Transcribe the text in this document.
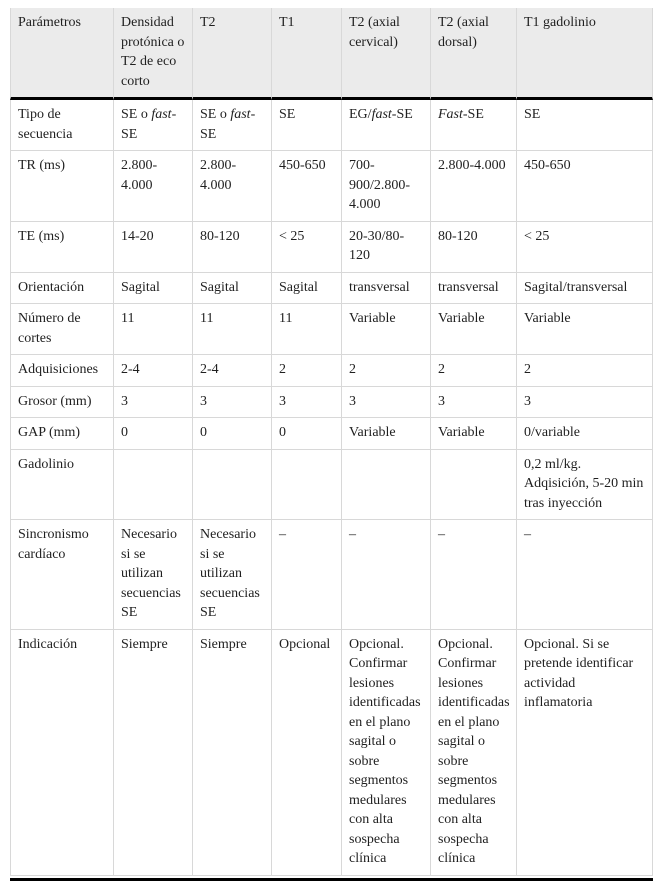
Parámetros	Densidad protónica o T2 de eco corto	T2	T1	T2 (axial cervical)	T2 (axial dorsal)	T1 gadolinio
Tipo de secuencia	SE o fast-SE	SE o fast-SE	SE	EG/fast-SE	Fast-SE	SE
TR (ms)	2.800-4.000	2.800-4.000	450-650	700-900/2.800-4.000	2.800-4.000	450-650
TE (ms)	14-20	80-120	< 25	20-30/80-120	80-120	< 25
Orientación	Sagital	Sagital	Sagital	transversal	transversal	Sagital/transversal
Número de cortes	11	11	11	Variable	Variable	Variable
Adquisiciones	2-4	2-4	2	2	2	2
Grosor (mm)	3	3	3	3	3	3
GAP (mm)	0	0	0	Variable	Variable	0/variable
Gadolinio						0,2 ml/kg. Adqisición, 5-20 min tras inyección
Sincronismo cardíaco	Necesario si se utilizan secuencias SE	Necesario si se utilizan secuencias SE	–	–	–	–
Indicación	Siempre	Siempre	Opcional	Opcional. Confirmar lesiones identificadas en el plano sagital o sobre segmentos medulares con alta sospecha clínica	Opcional. Confirmar lesiones identificadas en el plano sagital o sobre segmentos medulares con alta sospecha clínica	Opcional. Si se pretende identificar actividad inflamatoria
